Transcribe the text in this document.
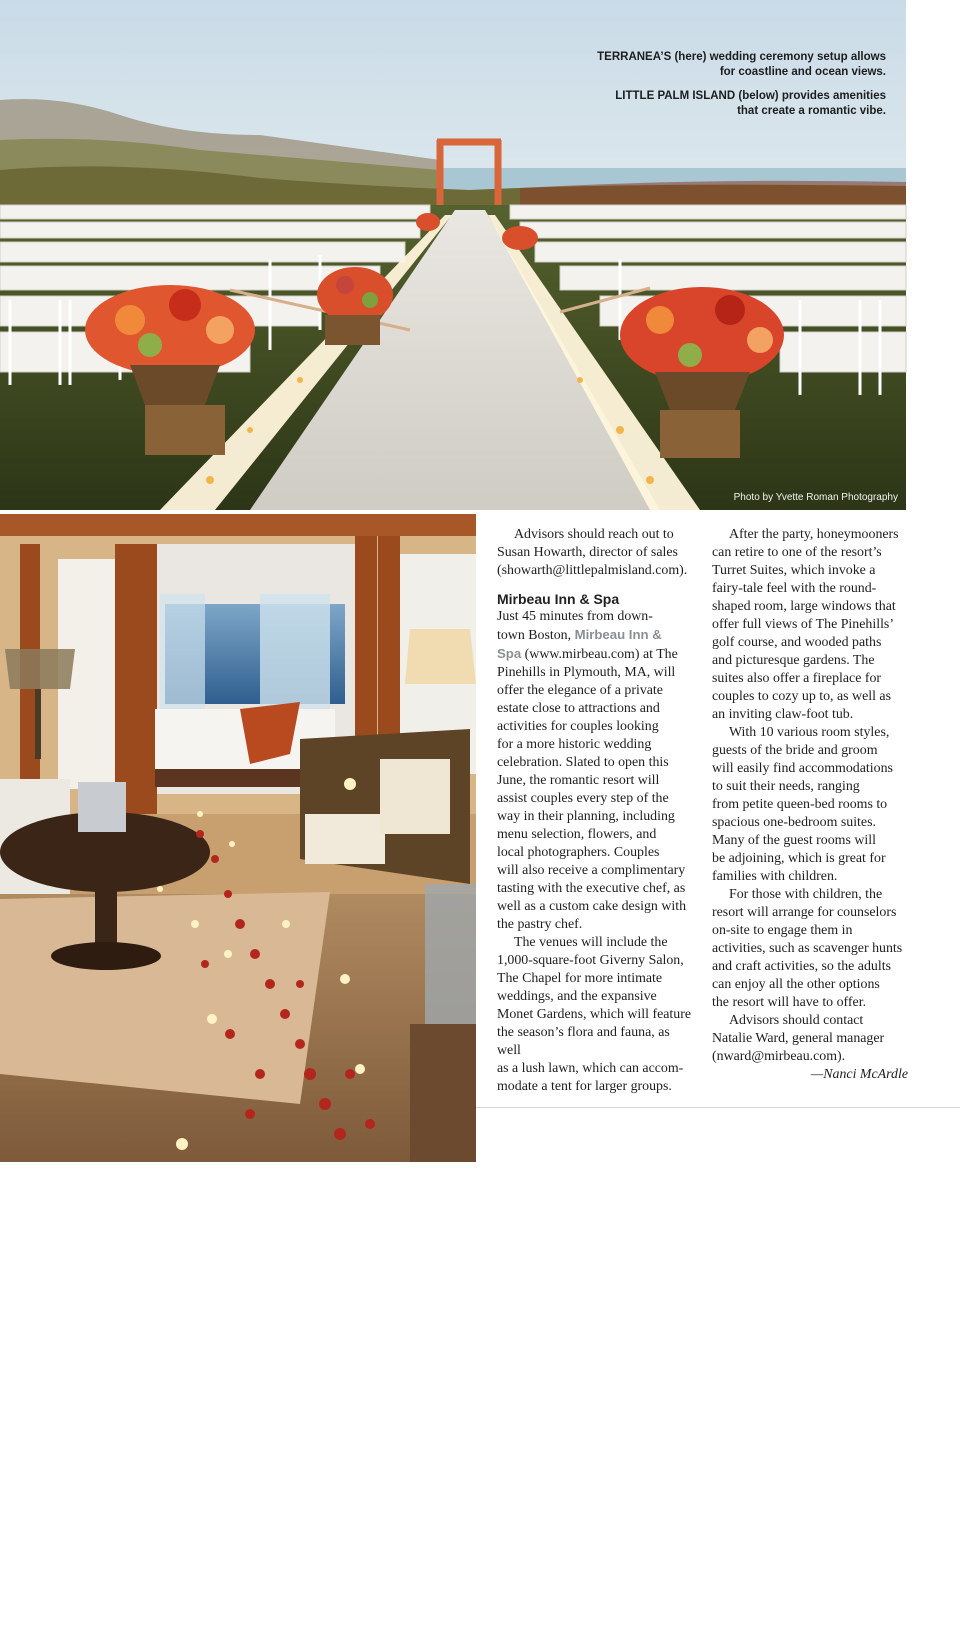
TERRANEA’S (here) wedding ceremony setup allows
for coastline and ocean views.
LITTLE PALM ISLAND (below) provides amenities
that create a romantic vibe.
Photo by Yvette Roman Photography
34 LUXURY TRAVEL ADVISOR | MAY 2014

Advisors should reach out to
Susan Howarth, director of sales
(showarth@littlepalmisland.com).

Mirbeau Inn & Spa

Just 45 minutes from down-
town Boston, Mirbeau Inn &
Spa (www.mirbeau.com) at The
Pinehills in Plymouth, MA, will
offer the elegance of a private
estate close to attractions and
activities for couples looking
for a more historic wedding
celebration. Slated to open this
June, the romantic resort will
assist couples every step of the
way in their planning, including
menu selection, flowers, and
local photographers. Couples
will also receive a complimentary
tasting with the executive chef, as
well as a custom cake design with
the pastry chef.

The venues will include the
1,000-square-foot Giverny Salon,
The Chapel for more intimate
weddings, and the expansive
Monet Gardens, which will feature
the season’s flora and fauna, as well
as a lush lawn, which can accom-
modate a tent for larger groups.

After the party, honeymooners
can retire to one of the resort’s
Turret Suites, which invoke a
fairy-tale feel with the round-
shaped room, large windows that
offer full views of The Pinehills’
golf course, and wooded paths
and picturesque gardens. The
suites also offer a fireplace for
couples to cozy up to, as well as
an inviting claw-foot tub.

With 10 various room styles,
guests of the bride and groom
will easily find accommodations
to suit their needs, ranging
from petite queen-bed rooms to
spacious one-bedroom suites.
Many of the guest rooms will
be adjoining, which is great for
families with children.

For those with children, the
resort will arrange for counselors
on-site to engage them in
activities, such as scavenger hunts
and craft activities, so the adults
can enjoy all the other options
the resort will have to offer.

Advisors should contact
Natalie Ward, general manager
(nward@mirbeau.com).

—Nanci McArdle
